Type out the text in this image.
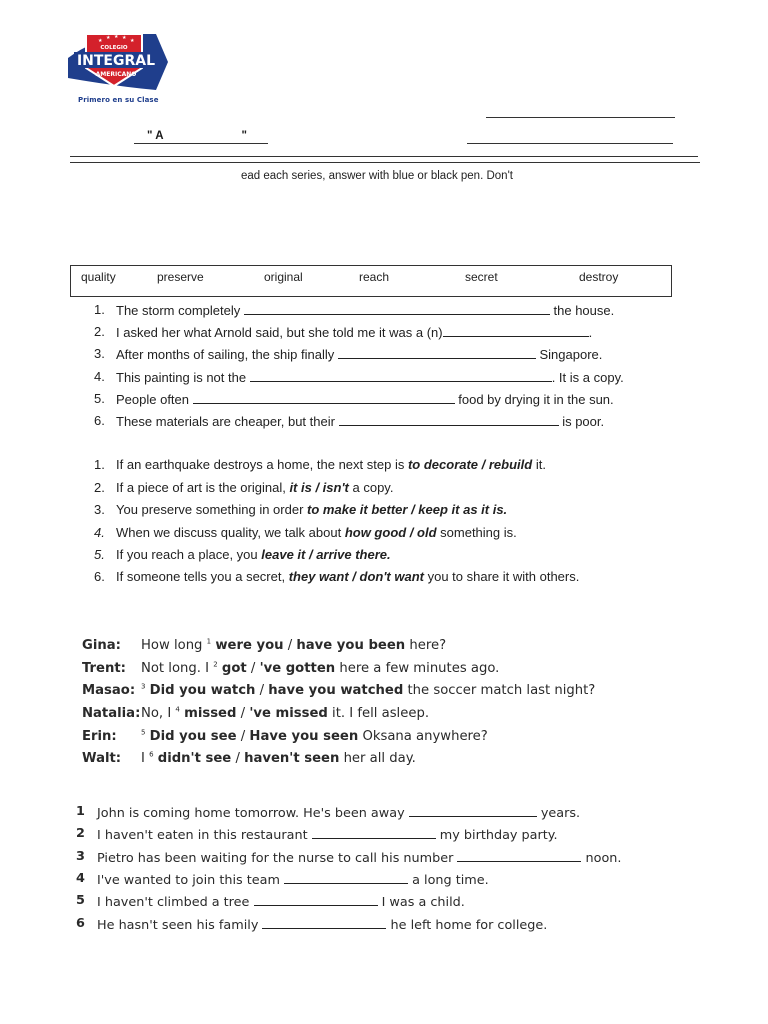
★ ★ ★ ★ ★
COLEGIO
INTEGRAL
AMERICANO
Primero en su Clase
" A	"
ead each series, answer with blue or black pen. Don't
quality	preserve	original	reach	secret	destroy
1. The storm completely	the house.
2. I asked her what Arnold said, but she told me it was a (n)	.
3. After months of sailing, the ship finally	Singapore.
4. This painting is not the	. It is a copy.
5. People often	food by drying it in the sun.
6. These materials are cheaper, but their	is poor.
1. If an earthquake destroys a home, the next step is to decorate / rebuild it.
2. If a piece of art is the original, it is / isn't a copy.
3. You preserve something in order to make it better / keep it as it is.
4. When we discuss quality, we talk about how good / old something is.
5. If you reach a place, you leave it / arrive there.
6. If someone tells you a secret, they want / don't want you to share it with others.
Gina: How long $^1$ were you / have you been here?
Trent: Not long. I $^2$ got / 've gotten here a few minutes ago.
Masao: $^3$ Did you watch / have you watched the soccer match last night?
Natalia: No, I $^4$ missed / 've missed it. I fell asleep.
Erin:	$^5$ Did you see / Have you seen Oksana anywhere?
Walt: I $^6$ didn't see / haven't seen her all day.
1 John is coming home tomorrow. He's been away	years.
2 I haven't eaten in this restaurant	my birthday party.
3 Pietro has been waiting for the nurse to call his number	noon.
4 I've wanted to join this team	a long time.
5 I haven't climbed a tree	I was a child.
6 He hasn't seen his family	he left home for college.
